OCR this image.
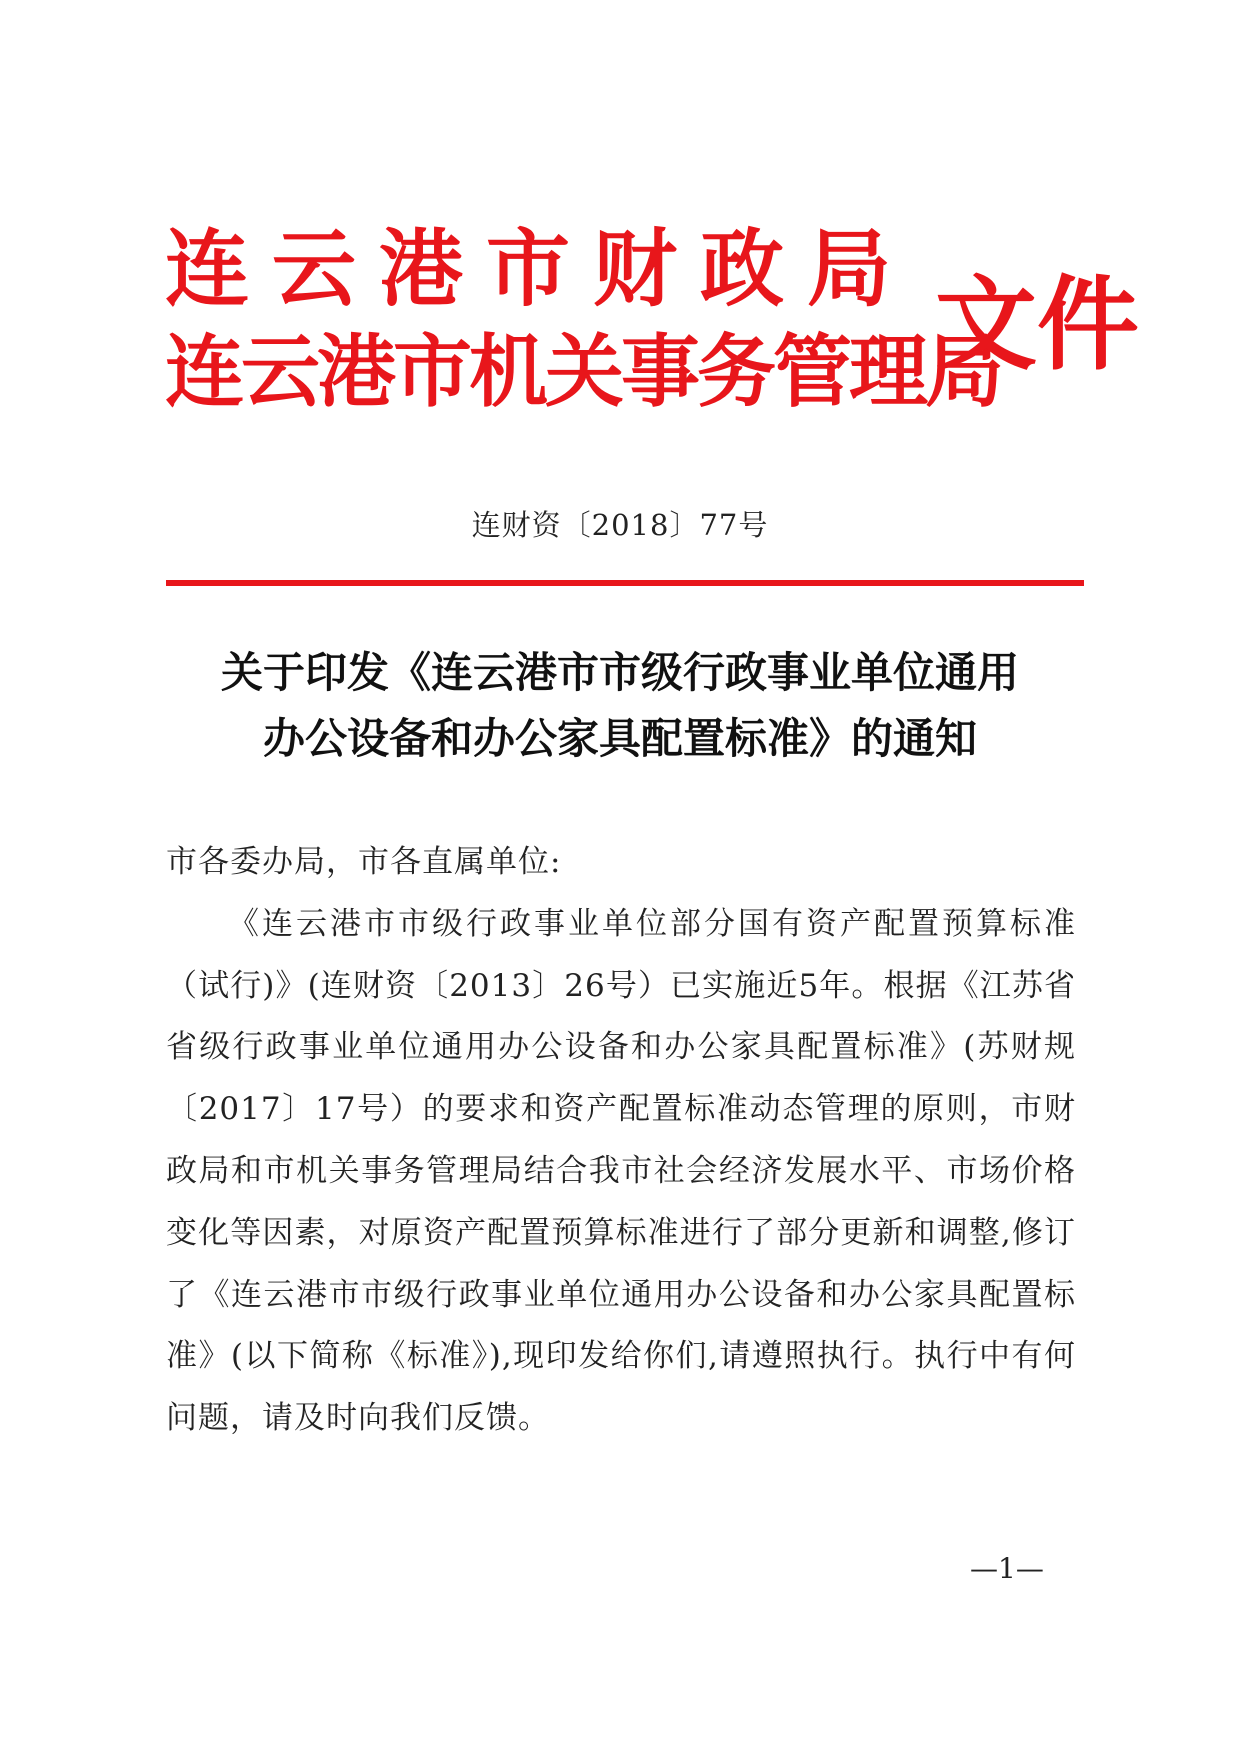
连云港市财政局
连云港市机关事务管理局
文件
连财资〔2018〕77号
关于印发《连云港市市级行政事业单位通用
办公设备和办公家具配置标准》的通知

市各委办局，市各直属单位:

《连云港市市级行政事业单位部分国有资产配置预算标准（试行)》(连财资〔2013〕26号）已实施近5年。根据《江苏省省级行政事业单位通用办公设备和办公家具配置标准》(苏财规〔2017〕17号）的要求和资产配置标准动态管理的原则，市财政局和市机关事务管理局结合我市社会经济发展水平、市场价格变化等因素，对原资产配置预算标准进行了部分更新和调整,修订了《连云港市市级行政事业单位通用办公设备和办公家具配置标准》(以下简称《标准》),现印发给你们,请遵照执行。执行中有何问题，请及时向我们反馈。

—1—
